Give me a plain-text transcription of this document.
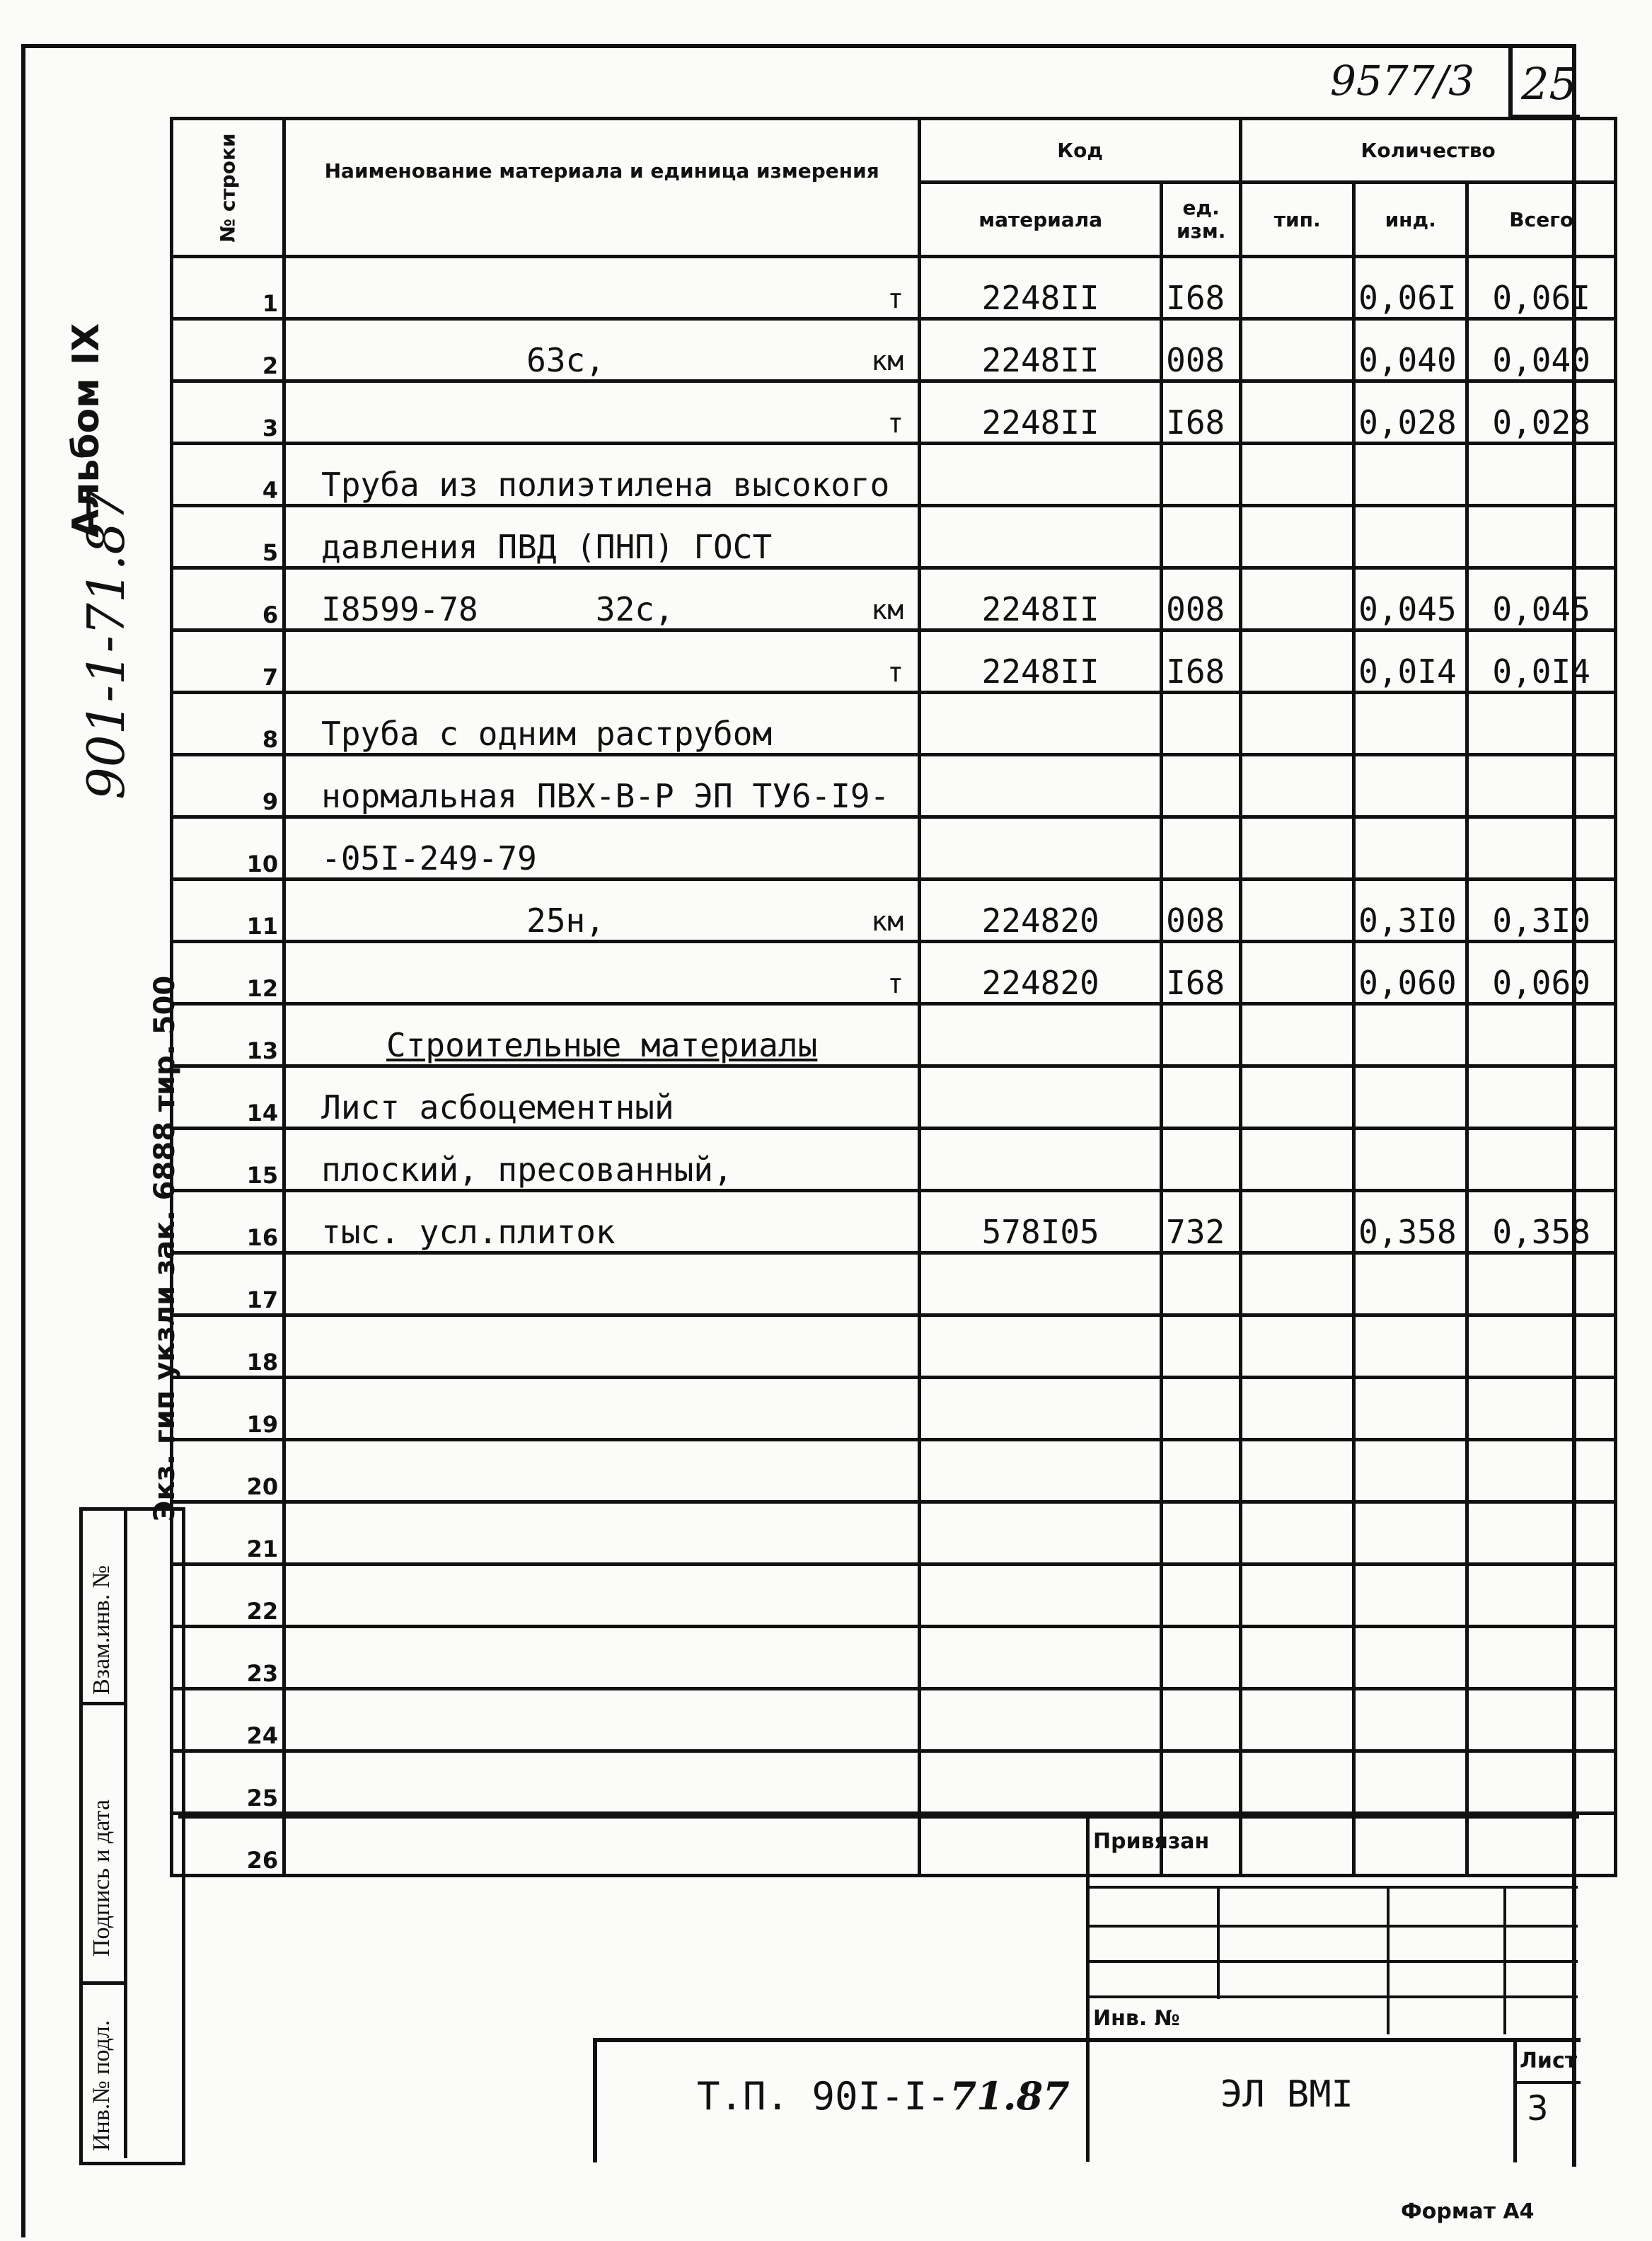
9577/3 25
Альбом IX
901-1-71.87
Экз. гип укзли зак. 6888 тир. 500
Взам.инв. №
Подпись и дата
Инв.№ подл.
№ строки	Наименование материала и единица измерения	Код		Количество		
		материала	ед. изм.	тип.	инд.	Всего
1	т	2248II	I68		0,06I	0,06I
2	63с, км	2248II	008		0,040	0,040
3	т	2248II	I68		0,028	0,028
4	Труба из полиэтилена высокого

5	давления ПВД (ПНП) ГОСТ

6	I8599-78      32с, км	2248II	008		0,045	0,045
7	т	2248II	I68		0,0I4	0,0I4
8	Труба с одним раструбом

9	нормальная ПВХ-В-Р ЭП ТУ6-I9-

10	-05I-249-79

11	25н, км	224820	008		0,3I0	0,3I0
12	т	224820	I68		0,060	0,060
13	Строительные материалы

14	Лист асбоцементный

15	плоский, пресованный,

16	тыс. усл.плиток	578I05	732		0,358	0,358
17	

18	

19	

20	

21	

22	

23	

24	

25	

26	

Привязан
Инв. №
Т.П. 90I-I-71.87	ЭЛ ВМI
Лист
3
Формат А4
